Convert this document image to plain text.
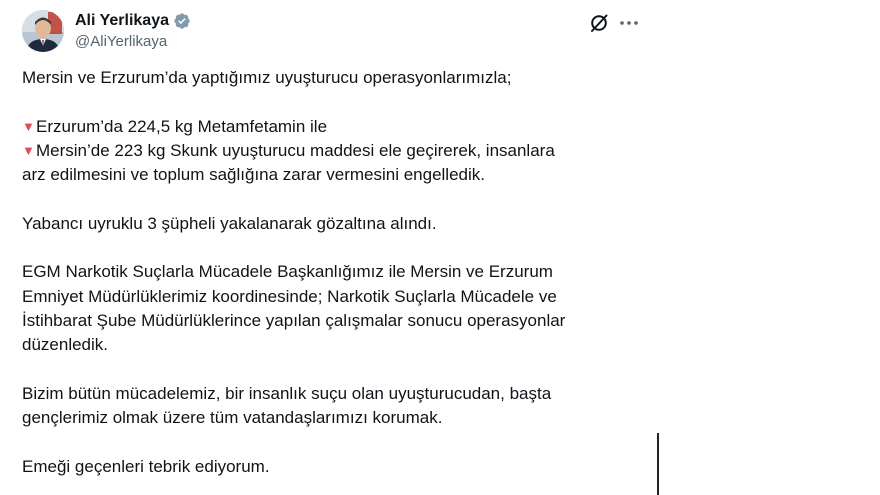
Ali Yerlikaya
@AliYerlikaya

Mersin ve Erzurum’da yaptığımız uyuşturucu operasyonlarımızla;

▼Erzurum’da 224,5 kg Metamfetamin ile

▼Mersin’de 223 kg Skunk uyuşturucu maddesi ele geçirerek, insanlara

arz edilmesini ve toplum sağlığına zarar vermesini engelledik.

Yabancı uyruklu 3 şüpheli yakalanarak gözaltına alındı.

EGM Narkotik Suçlarla Mücadele Başkanlığımız ile Mersin ve Erzurum

Emniyet Müdürlüklerimiz koordinesinde; Narkotik Suçlarla Mücadele ve

İstihbarat Şube Müdürlüklerince yapılan çalışmalar sonucu operasyonlar

düzenledik.

Bizim bütün mücadelemiz, bir insanlık suçu olan uyuşturucudan, başta

gençlerimiz olmak üzere tüm vatandaşlarımızı korumak.

Emeği geçenleri tebrik ediyorum.
